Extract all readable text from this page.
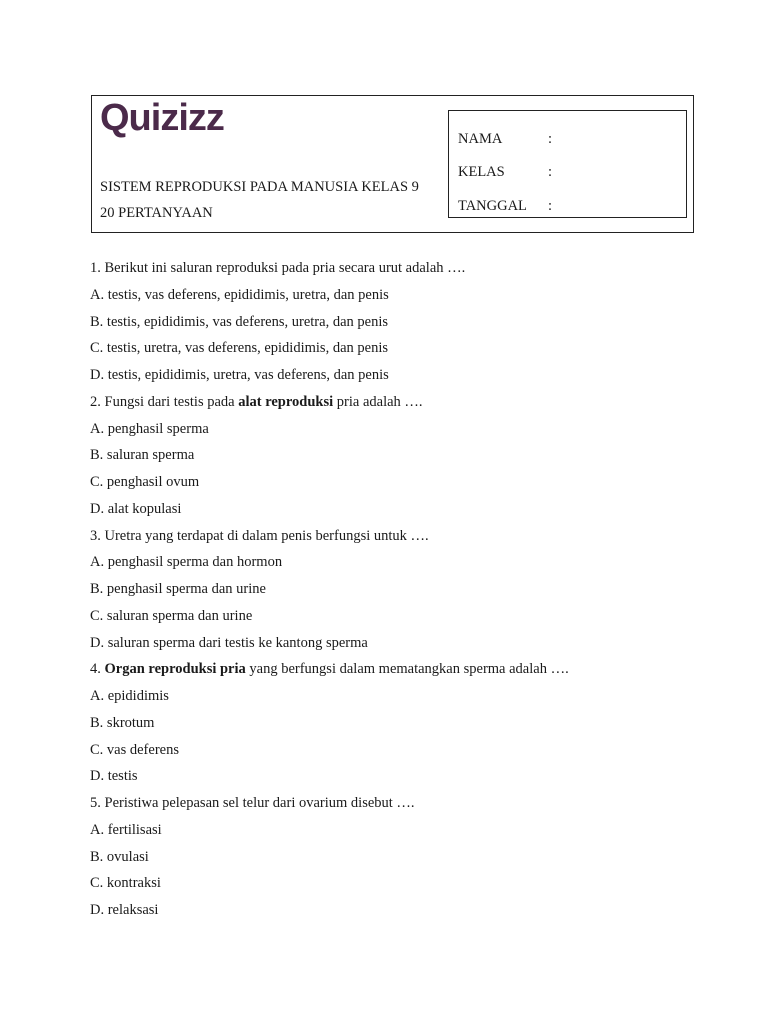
Quizizz
SISTEM REPRODUKSI PADA MANUSIA KELAS 9
20 PERTANYAAN
NAMA	:
KELAS	:
TANGGAL :
1. Berikut ini saluran reproduksi pada pria secara urut adalah ….
A. testis, vas deferens, epididimis, uretra, dan penis
B. testis, epididimis, vas deferens, uretra, dan penis
C. testis, uretra, vas deferens, epididimis, dan penis
D. testis, epididimis, uretra, vas deferens, dan penis
2. Fungsi dari testis pada alat reproduksi pria adalah ….
A. penghasil sperma
B. saluran sperma
C. penghasil ovum
D. alat kopulasi
3. Uretra yang terdapat di dalam penis berfungsi untuk ….
A. penghasil sperma dan hormon
B. penghasil sperma dan urine
C. saluran sperma dan urine
D. saluran sperma dari testis ke kantong sperma
4. Organ reproduksi pria yang berfungsi dalam mematangkan sperma adalah ….
A. epididimis
B. skrotum
C. vas deferens
D. testis
5. Peristiwa pelepasan sel telur dari ovarium disebut ….
A. fertilisasi
B. ovulasi
C. kontraksi
D. relaksasi
